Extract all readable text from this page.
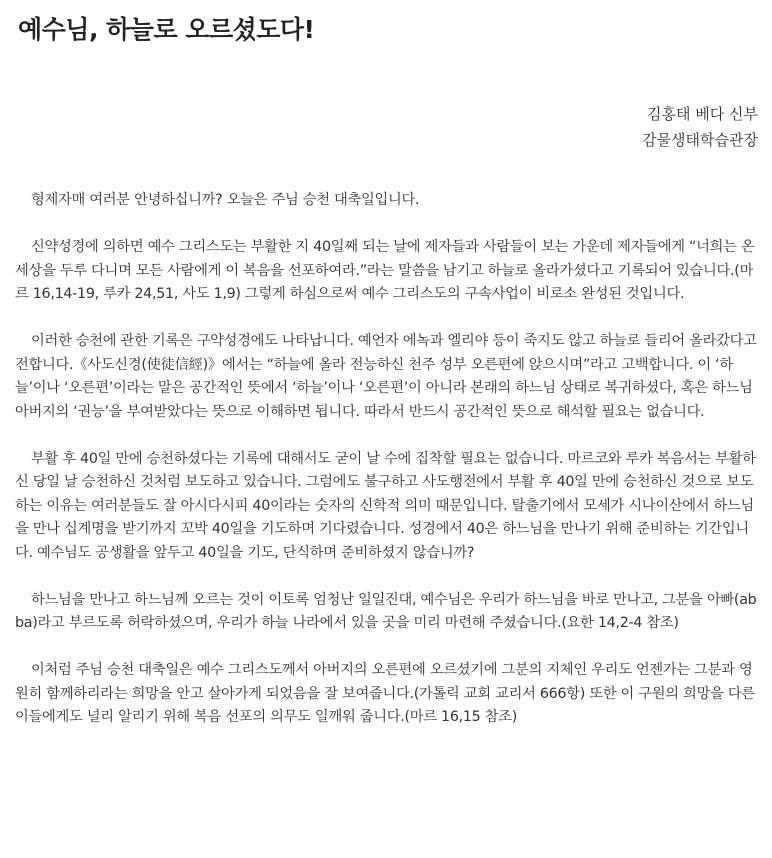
예수님, 하늘로 오르셨도다!
김홍태 베다 신부
감물생태학습관장

형제자매 여러분 안녕하십니까? 오늘은 주님 승천 대축일입니다.

신약성경에 의하면 예수 그리스도는 부활한 지 40일째 되는 날에 제자들과 사람들이 보는 가운데 제자들에게 “너희는 온 세상을 두루 다니며 모든 사람에게 이 복음을 선포하여라.”라는 말씀을 남기고 하늘로 올라가셨다고 기록되어 있습니다.(마르 16,14-19, 루카 24,51, 사도 1,9) 그렇게 하심으로써 예수 그리스도의 구속사업이 비로소 완성된 것입니다.

이러한 승천에 관한 기록은 구약성경에도 나타납니다. 예언자 에녹과 엘리야 등이 죽지도 않고 하늘로 들리어 올라갔다고 전합니다.《사도신경(使徒信經)》에서는 “하늘에 올라 전능하신 천주 성부 오른편에 앉으시며”라고 고백합니다. 이 ‘하늘’이나 ‘오른편’이라는 말은 공간적인 뜻에서 ‘하늘’이나 ‘오른편’이 아니라 본래의 하느님 상태로 복귀하셨다, 혹은 하느님 아버지의 ‘권능’을 부여받았다는 뜻으로 이해하면 됩니다. 따라서 반드시 공간적인 뜻으로 해석할 필요는 없습니다.

부활 후 40일 만에 승천하셨다는 기록에 대해서도 굳이 날 수에 집착할 필요는 없습니다. 마르코와 루카 복음서는 부활하신 당일 날 승천하신 것처럼 보도하고 있습니다. 그럼에도 불구하고 사도행전에서 부활 후 40일 만에 승천하신 것으로 보도하는 이유는 여러분들도 잘 아시다시피 40이라는 숫자의 신학적 의미 때문입니다. 탈출기에서 모세가 시나이산에서 하느님을 만나 십계명을 받기까지 꼬박 40일을 기도하며 기다렸습니다. 성경에서 40은 하느님을 만나기 위해 준비하는 기간입니다. 예수님도 공생활을 앞두고 40일을 기도, 단식하며 준비하셨지 않습니까?

하느님을 만나고 하느님께 오르는 것이 이토록 엄청난 일일진대, 예수님은 우리가 하느님을 바로 만나고, 그분을 아빠(abba)라고 부르도록 허락하셨으며, 우리가 하늘 나라에서 있을 곳을 미리 마련해 주셨습니다.(요한 14,2-4 참조)

이처럼 주님 승천 대축일은 예수 그리스도께서 아버지의 오른편에 오르셨기에 그분의 지체인 우리도 언젠가는 그분과 영원히 함께하리라는 희망을 안고 살아가게 되었음을 잘 보여줍니다.(가톨릭 교회 교리서 666항) 또한 이 구원의 희망을 다른 이들에게도 널리 알리기 위해 복음 선포의 의무도 일깨워 줍니다.(마르 16,15 참조)
